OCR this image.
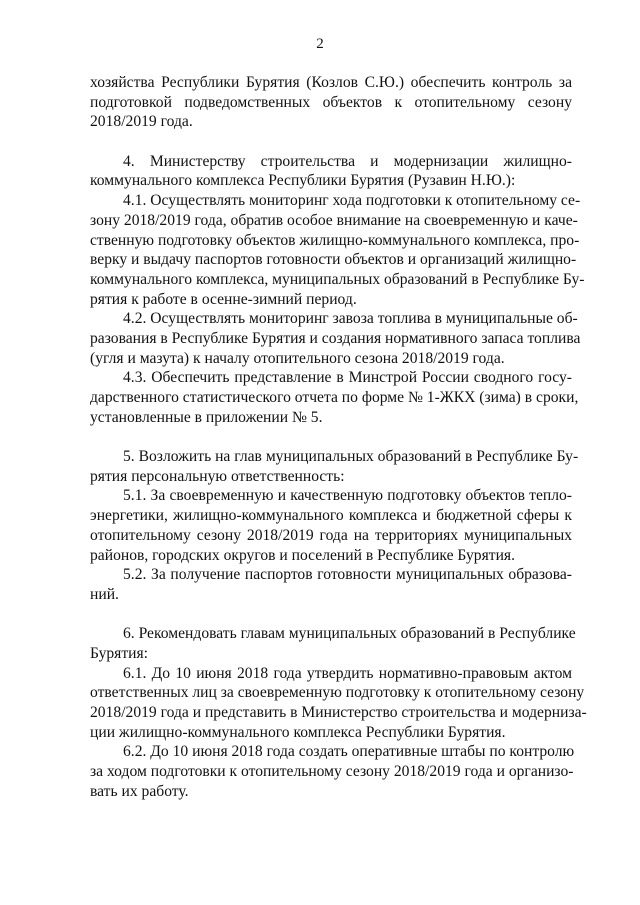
2
хозяйства Республики Бурятия (Козлов С.Ю.) обеспечить контроль за
подготовкой подведомственных объектов к отопительному сезону
2018/2019 года.
4. Министерству строительства и модернизации жилищно-
коммунального комплекса Республики Бурятия (Рузавин Н.Ю.):
4.1. Осуществлять мониторинг хода подготовки к отопительному се-
зону 2018/2019 года, обратив особое внимание на своевременную и каче-
ственную подготовку объектов жилищно-коммунального комплекса, про-
верку и выдачу паспортов готовности объектов и организаций жилищно-
коммунального комплекса, муниципальных образований в Республике Бу-
рятия к работе в осенне-зимний период.
4.2. Осуществлять мониторинг завоза топлива в муниципальные об-
разования в Республике Бурятия и создания нормативного запаса топлива
(угля и мазута) к началу отопительного сезона 2018/2019 года.
4.3. Обеспечить представление в Минстрой России сводного госу-
дарственного статистического отчета по форме № 1-ЖКХ (зима) в сроки,
установленные в приложении № 5.
5. Возложить на глав муниципальных образований в Республике Бу-
рятия персональную ответственность:
5.1. За своевременную и качественную подготовку объектов тепло-
энергетики, жилищно-коммунального комплекса и бюджетной сферы к
отопительному сезону 2018/2019 года на территориях муниципальных
районов, городских округов и поселений в Республике Бурятия.
5.2. За получение паспортов готовности муниципальных образова-
ний.
6. Рекомендовать главам муниципальных образований в Республике
Бурятия:
6.1. До 10 июня 2018 года утвердить нормативно-правовым актом
ответственных лиц за своевременную подготовку к отопительному сезону
2018/2019 года и представить в Министерство строительства и модерниза-
ции жилищно-коммунального комплекса Республики Бурятия.
6.2. До 10 июня 2018 года создать оперативные штабы по контролю
за ходом подготовки к отопительному сезону 2018/2019 года и организо-
вать их работу.
